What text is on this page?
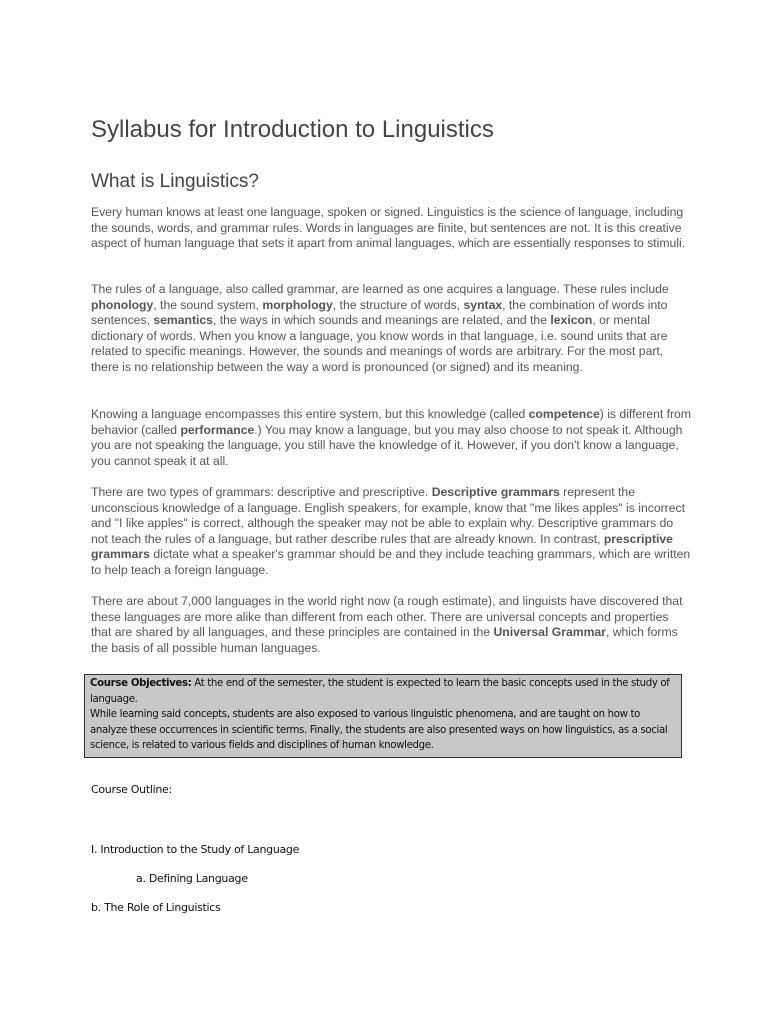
Syllabus for Introduction to Linguistics
What is Linguistics?

Every human knows at least one language, spoken or signed. Linguistics is the science of language, including the sounds, words, and grammar rules. Words in languages are finite, but sentences are not. It is this creative aspect of human language that sets it apart from animal languages, which are essentially responses to stimuli.

The rules of a language, also called grammar, are learned as one acquires a language. These rules include phonology, the sound system, morphology, the structure of words, syntax, the combination of words into sentences, semantics, the ways in which sounds and meanings are related, and the lexicon, or mental dictionary of words. When you know a language, you know words in that language, i.e. sound units that are related to specific meanings. However, the sounds and meanings of words are arbitrary. For the most part, there is no relationship between the way a word is pronounced (or signed) and its meaning.

Knowing a language encompasses this entire system, but this knowledge (called competence) is different from behavior (called performance.) You may know a language, but you may also choose to not speak it. Although you are not speaking the language, you still have the knowledge of it. However, if you don't know a language, you cannot speak it at all.

There are two types of grammars: descriptive and prescriptive. Descriptive grammars represent the unconscious knowledge of a language. English speakers, for example, know that "me likes apples" is incorrect and "I like apples" is correct, although the speaker may not be able to explain why. Descriptive grammars do not teach the rules of a language, but rather describe rules that are already known. In contrast, prescriptive grammars dictate what a speaker's grammar should be and they include teaching grammars, which are written to help teach a foreign language.

There are about 7,000 languages in the world right now (a rough estimate), and linguists have discovered that these languages are more alike than different from each other. There are universal concepts and properties that are shared by all languages, and these principles are contained in the Universal Grammar, which forms the basis of all possible human languages.

Course Objectives: At the end of the semester, the student is expected to learn the basic concepts used in the study of language.
While learning said concepts, students are also exposed to various linguistic phenomena, and are taught on how to analyze these occurrences in scientific terms. Finally, the students are also presented ways on how linguistics, as a social science, is related to various fields and disciplines of human knowledge.
Course Outline:
I. Introduction to the Study of Language
a. Defining Language
b. The Role of Linguistics
